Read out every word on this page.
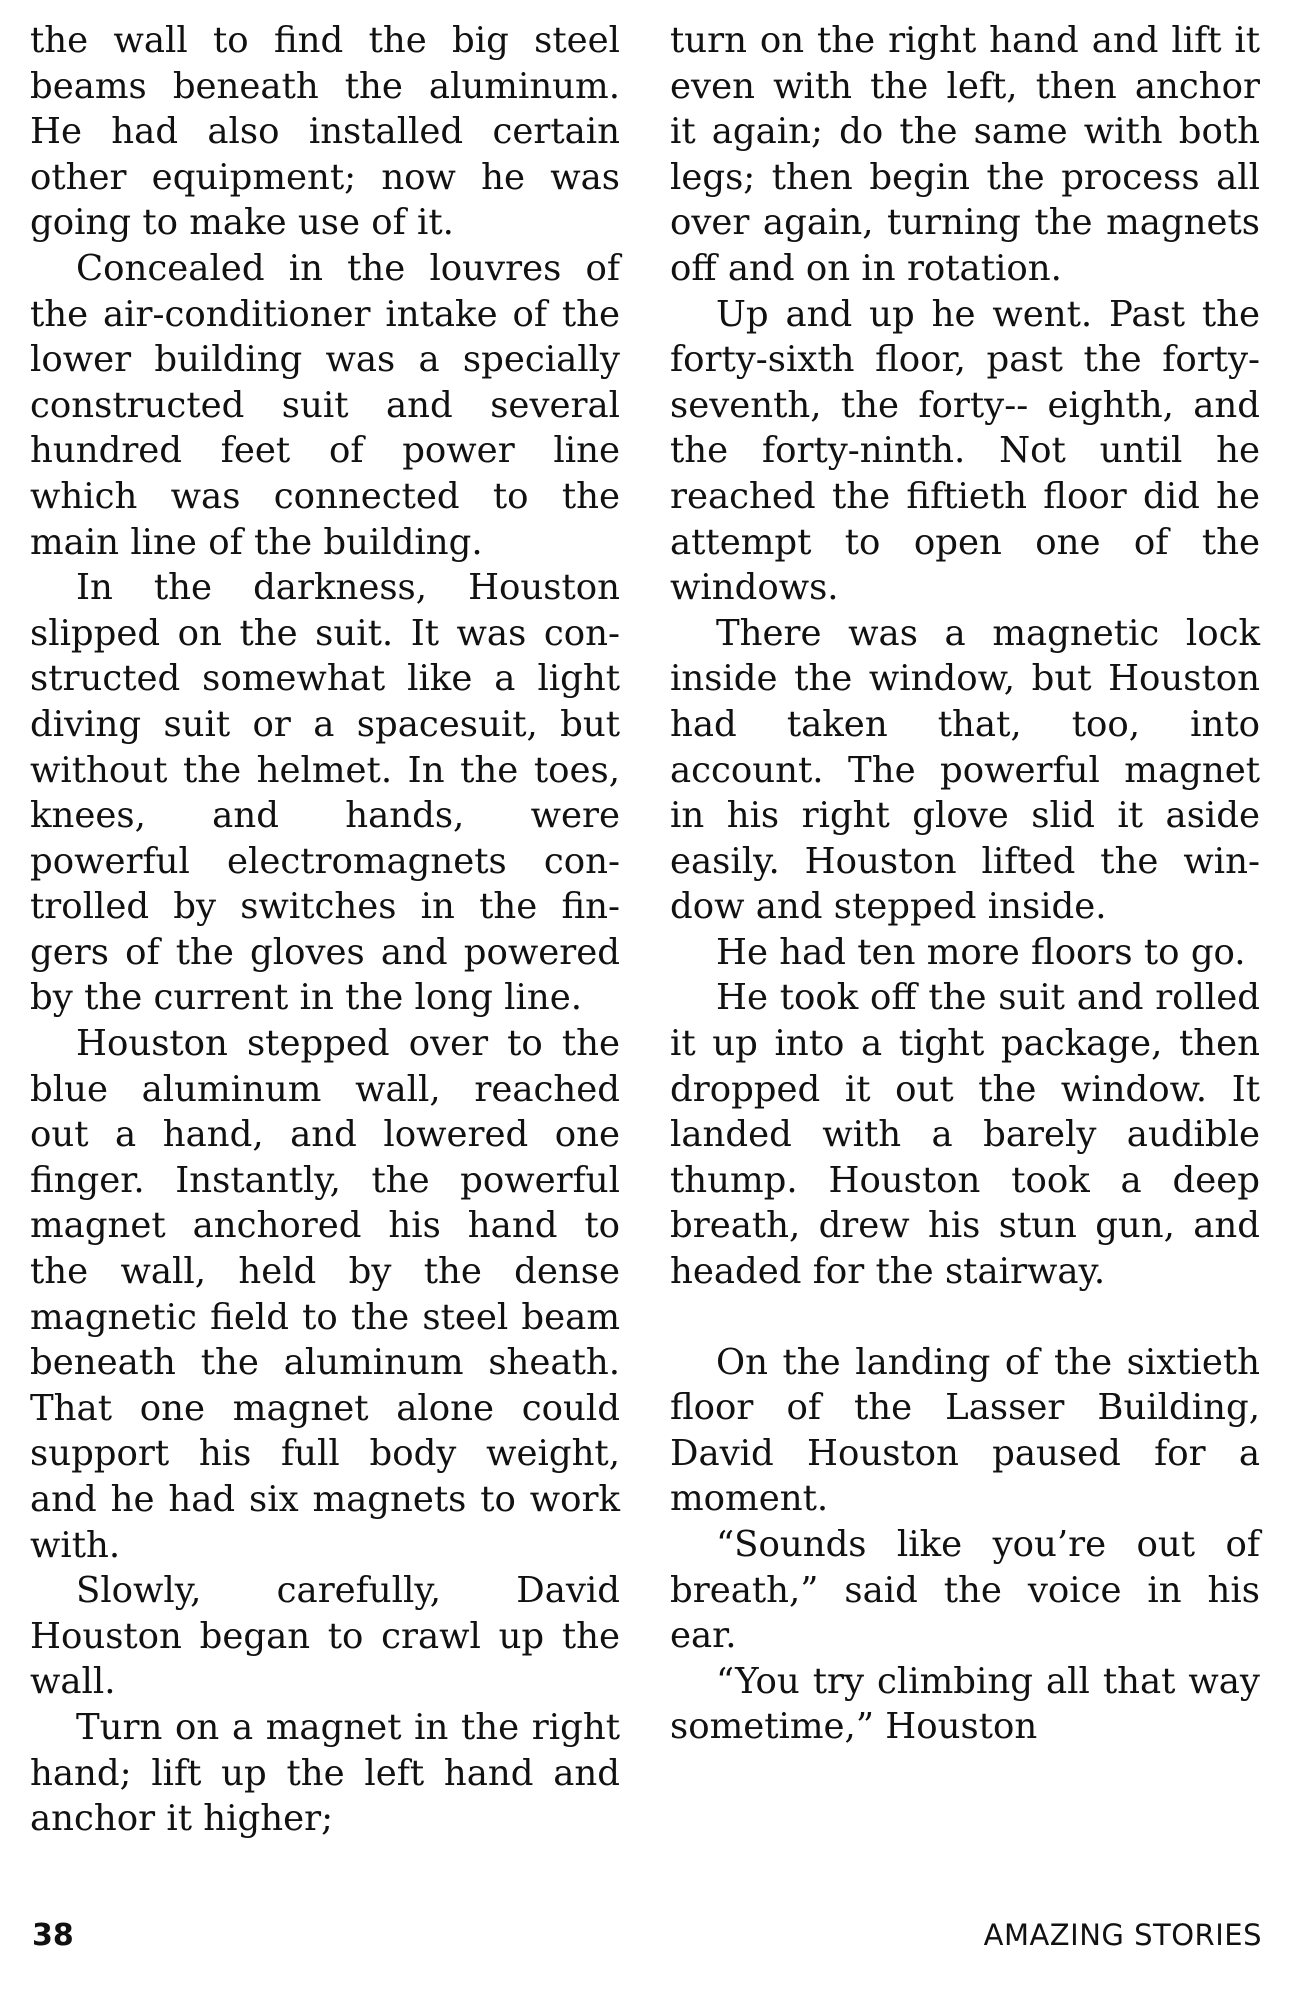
the wall to find the big steel beams beneath the aluminum. He had also installed certain other equipment; now he was going to make use of it.

Concealed in the louvres of the air-conditioner intake of the lower building was a specially constructed suit and several hundred feet of power line which was connected to the main line of the building.

In the darkness, Houston slipped on the suit. It was constructed somewhat like a light diving suit or a spacesuit, but without the helmet. In the toes, knees, and hands, were powerful electromagnets controlled by switches in the fingers of the gloves and powered by the current in the long line.

Houston stepped over to the blue aluminum wall, reached out a hand, and lowered one finger. Instantly, the powerful magnet anchored his hand to the wall, held by the dense magnetic field to the steel beam beneath the aluminum sheath. That one magnet alone could support his full body weight, and he had six magnets to work with.

Slowly, carefully, David Houston began to crawl up the wall.

Turn on a magnet in the right hand; lift up the left hand and anchor it higher;

turn on the right hand and lift it even with the left, then anchor it again; do the same with both legs; then begin the process all over again, turning the magnets off and on in rotation.

Up and up he went. Past the forty-sixth floor, past the forty-seventh, the forty-- eighth, and the forty-ninth. Not until he reached the fiftieth floor did he attempt to open one of the windows.

There was a magnetic lock inside the window, but Houston had taken that, too, into account. The powerful magnet in his right glove slid it aside easily. Houston lifted the window and stepped inside.

He had ten more floors to go.

He took off the suit and rolled it up into a tight package, then dropped it out the window. It landed with a barely audible thump. Houston took a deep breath, drew his stun gun, and headed for the stairway.

On the landing of the sixtieth floor of the Lasser Building, David Houston paused for a moment.

“Sounds like you’re out of breath,” said the voice in his ear.

“You try climbing all that way sometime,” Houston

38	AMAZING STORIES
